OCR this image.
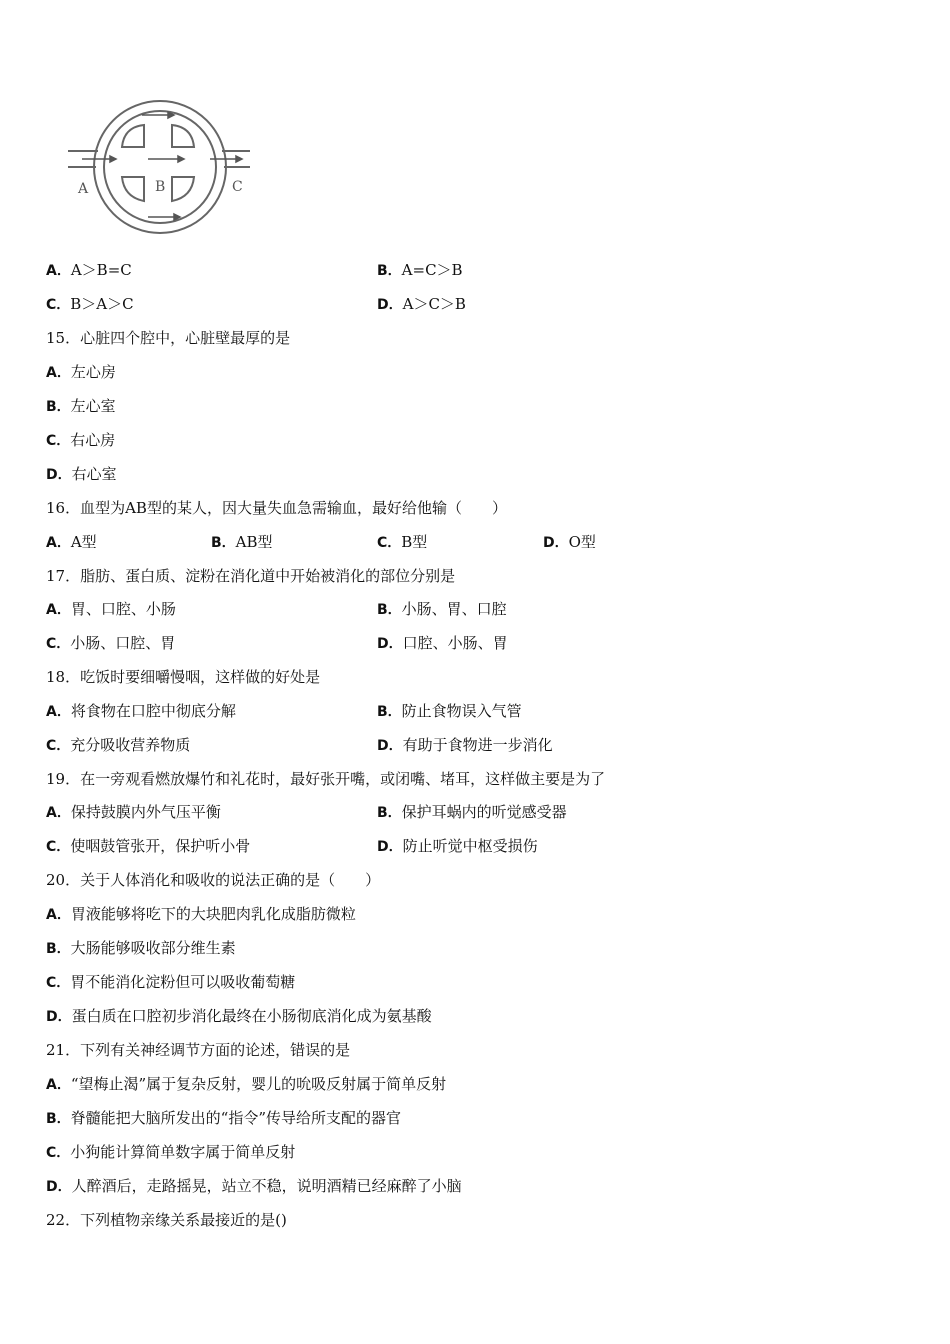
A	B	C
A．A＞B=C	B．A=C＞B
C．B＞A＞C	D．A＞C＞B
15．心脏四个腔中，心脏壁最厚的是
A．左心房
B．左心室
C．右心房
D．右心室
16．血型为AB型的某人，因大量失血急需输血，最好给他输（　　）
A．A型	B．AB型	C．B型	D．O型
17．脂肪、蛋白质、淀粉在消化道中开始被消化的部位分别是
A．胃、口腔、小肠	B．小肠、胃、口腔
C．小肠、口腔、胃	D．口腔、小肠、胃
18．吃饭时要细嚼慢咽，这样做的好处是
A．将食物在口腔中彻底分解	B．防止食物误入气管
C．充分吸收营养物质	D．有助于食物进一步消化
19．在一旁观看燃放爆竹和礼花时，最好张开嘴，或闭嘴、堵耳，这样做主要是为了
A．保持鼓膜内外气压平衡	B．保护耳蜗内的听觉感受器
C．使咽鼓管张开，保护听小骨	D．防止听觉中枢受损伤
20．关于人体消化和吸收的说法正确的是（　　）
A．胃液能够将吃下的大块肥肉乳化成脂肪微粒
B．大肠能够吸收部分维生素
C．胃不能消化淀粉但可以吸收葡萄糖
D．蛋白质在口腔初步消化最终在小肠彻底消化成为氨基酸
21．下列有关神经调节方面的论述，错误的是
A．“望梅止渴”属于复杂反射，婴儿的吮吸反射属于简单反射
B．脊髓能把大脑所发出的“指令”传导给所支配的器官
C．小狗能计算简单数字属于简单反射
D．人醉酒后，走路摇晃，站立不稳，说明酒精已经麻醉了小脑
22．下列植物亲缘关系最接近的是()
